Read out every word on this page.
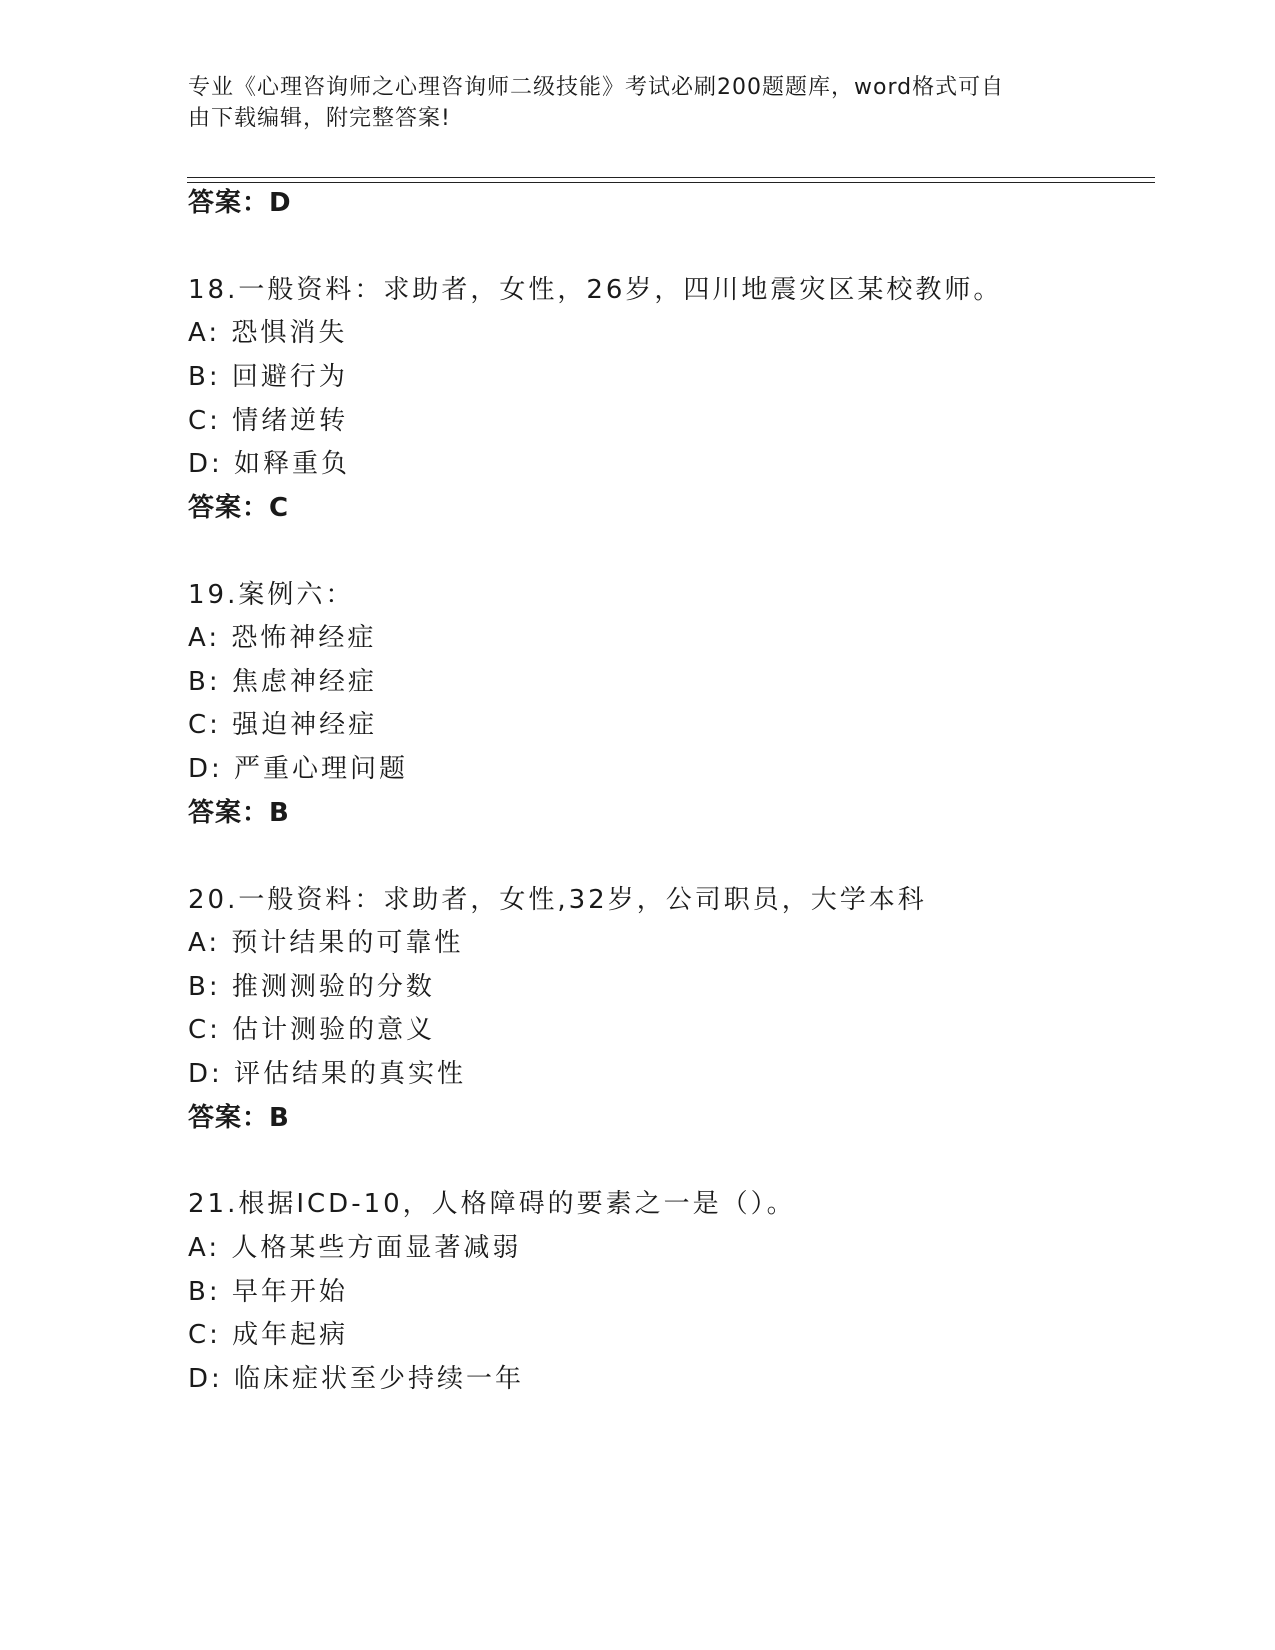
专业《心理咨询师之心理咨询师二级技能》考试必刷200题题库，word格式可自
由下载编辑，附完整答案!
答案：D
18.一般资料：求助者，女性，26岁，四川地震灾区某校教师。
A: 恐惧消失
B: 回避行为
C: 情绪逆转
D: 如释重负
答案：C
19.案例六：
A: 恐怖神经症
B: 焦虑神经症
C: 强迫神经症
D: 严重心理问题
答案：B
20.一般资料：求助者，女性,32岁，公司职员，大学本科
A: 预计结果的可靠性
B: 推测测验的分数
C: 估计测验的意义
D: 评估结果的真实性
答案：B
21.根据ICD-10，人格障碍的要素之一是（）。
A: 人格某些方面显著减弱
B: 早年开始
C: 成年起病
D: 临床症状至少持续一年
